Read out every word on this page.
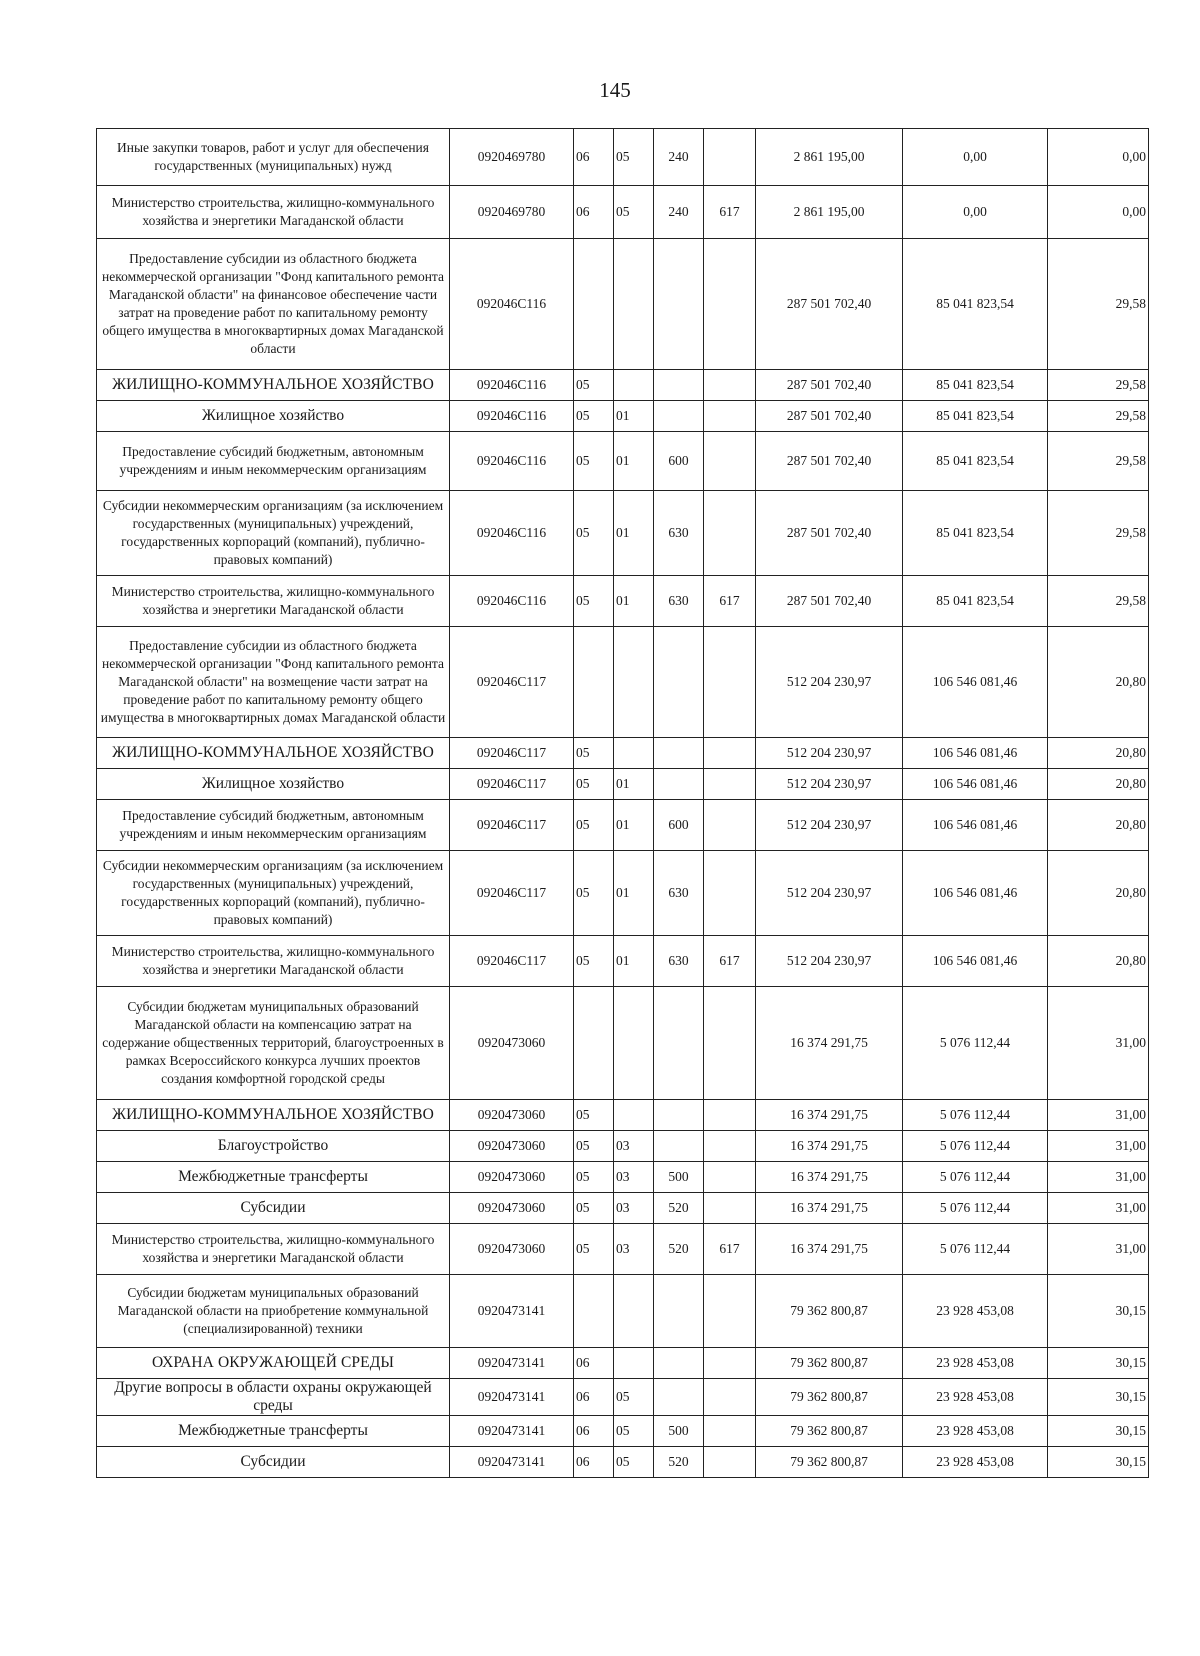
145
Иные закупки товаров, работ и услуг для обеспечения государственных (муниципальных) нужд	0920469780	06	05	240		2 861 195,00	0,00	0,00
Министерство строительства, жилищно-коммунального хозяйства и энергетики Магаданской области	0920469780	06	05	240	617	2 861 195,00	0,00	0,00
Предоставление субсидии из областного бюджета некоммерческой организации "Фонд капитального ремонта Магаданской области" на финансовое обеспечение части затрат на проведение работ по капитальному ремонту общего имущества в многоквартирных домах Магаданской области	092046С116					287 501 702,40	85 041 823,54	29,58
ЖИЛИЩНО-КОММУНАЛЬНОЕ ХОЗЯЙСТВО	092046С116	05				287 501 702,40	85 041 823,54	29,58
Жилищное хозяйство	092046С116	05	01			287 501 702,40	85 041 823,54	29,58
Предоставление субсидий бюджетным, автономным учреждениям и иным некоммерческим организациям	092046С116	05	01	600		287 501 702,40	85 041 823,54	29,58
Субсидии некоммерческим организациям (за исключением государственных (муниципальных) учреждений, государственных корпораций (компаний), публично-правовых компаний)	092046С116	05	01	630		287 501 702,40	85 041 823,54	29,58
Министерство строительства, жилищно-коммунального хозяйства и энергетики Магаданской области	092046С116	05	01	630	617	287 501 702,40	85 041 823,54	29,58
Предоставление субсидии из областного бюджета некоммерческой организации "Фонд капитального ремонта Магаданской области" на возмещение части затрат на проведение работ по капитальному ремонту общего имущества в многоквартирных домах Магаданской области	092046С117					512 204 230,97	106 546 081,46	20,80
ЖИЛИЩНО-КОММУНАЛЬНОЕ ХОЗЯЙСТВО	092046С117	05				512 204 230,97	106 546 081,46	20,80
Жилищное хозяйство	092046С117	05	01			512 204 230,97	106 546 081,46	20,80
Предоставление субсидий бюджетным, автономным учреждениям и иным некоммерческим организациям	092046С117	05	01	600		512 204 230,97	106 546 081,46	20,80
Субсидии некоммерческим организациям (за исключением государственных (муниципальных) учреждений, государственных корпораций (компаний), публично-правовых компаний)	092046С117	05	01	630		512 204 230,97	106 546 081,46	20,80
Министерство строительства, жилищно-коммунального хозяйства и энергетики Магаданской области	092046С117	05	01	630	617	512 204 230,97	106 546 081,46	20,80
Субсидии бюджетам муниципальных образований Магаданской области на компенсацию затрат на содержание общественных территорий, благоустроенных в рамках Всероссийского конкурса лучших проектов создания комфортной городской среды	0920473060					16 374 291,75	5 076 112,44	31,00
ЖИЛИЩНО-КОММУНАЛЬНОЕ ХОЗЯЙСТВО	0920473060	05				16 374 291,75	5 076 112,44	31,00
Благоустройство	0920473060	05	03			16 374 291,75	5 076 112,44	31,00
Межбюджетные трансферты	0920473060	05	03	500		16 374 291,75	5 076 112,44	31,00
Субсидии	0920473060	05	03	520		16 374 291,75	5 076 112,44	31,00
Министерство строительства, жилищно-коммунального хозяйства и энергетики Магаданской области	0920473060	05	03	520	617	16 374 291,75	5 076 112,44	31,00
Субсидии бюджетам муниципальных образований Магаданской области на приобретение коммунальной (специализированной) техники	0920473141					79 362 800,87	23 928 453,08	30,15
ОХРАНА ОКРУЖАЮЩЕЙ СРЕДЫ	0920473141	06				79 362 800,87	23 928 453,08	30,15
Другие вопросы в области охраны окружающей среды	0920473141	06	05			79 362 800,87	23 928 453,08	30,15
Межбюджетные трансферты	0920473141	06	05	500		79 362 800,87	23 928 453,08	30,15
Субсидии	0920473141	06	05	520		79 362 800,87	23 928 453,08	30,15
